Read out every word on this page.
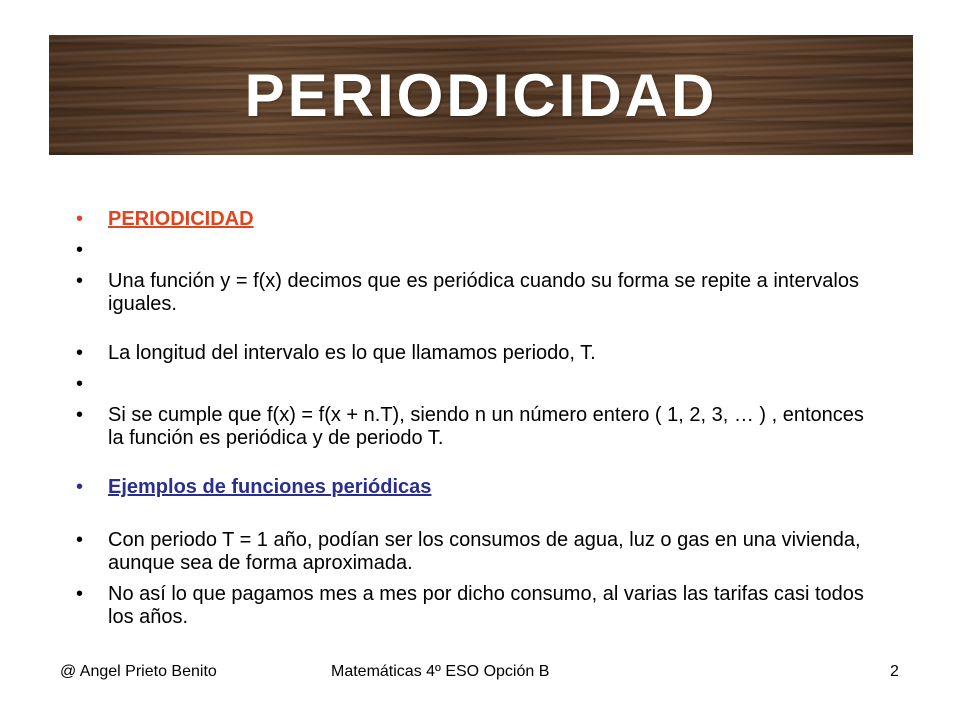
PERIODICIDAD
• PERIODICIDAD
•
• Una función y = f(x) decimos que es periódica cuando su forma se repite a intervalos iguales.
• La longitud del intervalo es lo que llamamos periodo, T.
•
• Si se cumple que f(x) = f(x + n.T), siendo n un número entero ( 1, 2, 3, … ) , entonces la función es periódica y de periodo T.
• Ejemplos de funciones periódicas
• Con periodo T = 1 año, podían ser los consumos de agua, luz o gas en una vivienda, aunque sea de forma aproximada.
• No así lo que pagamos mes a mes por dicho consumo, al varias las tarifas casi todos los años.
@ Angel Prieto Benito	Matemáticas 4º ESO Opción B	2
